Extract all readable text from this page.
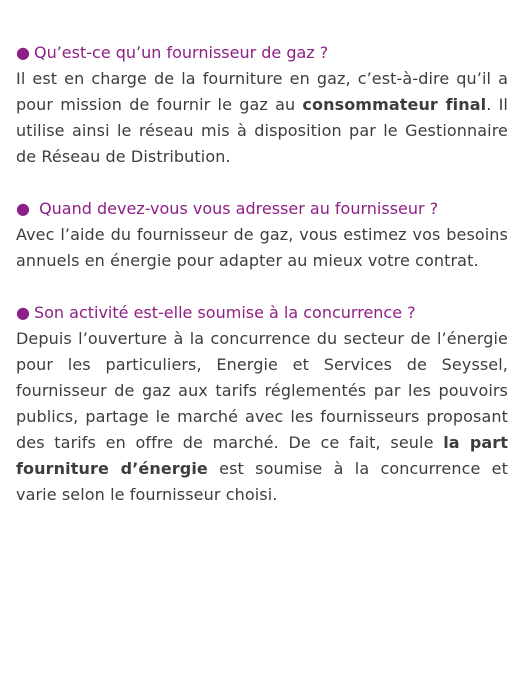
● Qu’est-ce qu’un fournisseur de gaz ?

Il est en charge de la fourniture en gaz, c’est-à-dire qu’il a pour mission de fournir le gaz au consommateur final. Il utilise ainsi le réseau mis à disposition par le Gestionnaire de Réseau de Distribution.

● Quand devez-vous vous adresser au fournisseur ?

Avec l’aide du fournisseur de gaz, vous estimez vos besoins annuels en énergie pour adapter au mieux votre contrat.

● Son activité est-elle soumise à la concurrence ?

Depuis l’ouverture à la concurrence du secteur de l’énergie pour les particuliers, Energie et Services de Seyssel, fournisseur de gaz aux tarifs réglementés par les pouvoirs publics, partage le marché avec les fournisseurs proposant des tarifs en offre de marché. De ce fait, seule la part fourniture d’énergie est soumise à la concurrence et varie selon le fournisseur choisi.
